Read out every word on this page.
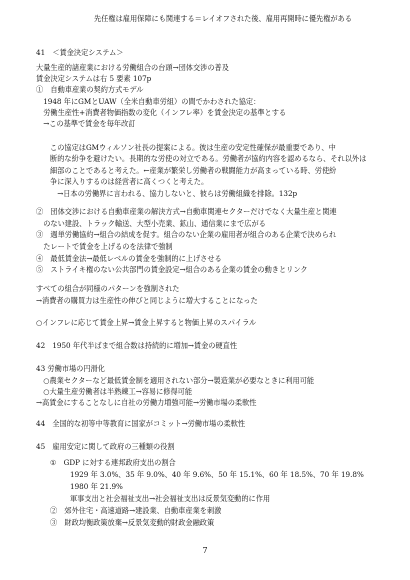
先任権は雇用保障にも関連する＝レイオフされた後、雇用再開時に優先権がある
41　＜賃金決定システム＞
大量生産的諸産業における労働組合の台頭→団体交渉の普及
賃金決定システムは右 5 要素 107p
①　自動車産業の契約方式モデル
　1948 年にGMとUAW（全米自動車労組）の間でかわされた協定：
　労働生産性+消費者物価指数の変化（インフレ率）を賃金決定の基準とする
　→この基準で賃金を毎年改訂
この協定はGMウィルソン社長の提案による。彼は生産の安定性確保が最重要であり、中
断的な紛争を避けたい。長期的な労使の対立である。労働者が協約内容を認めるなら、それ以外は
細部のことであると考えた。←産業が繁栄し労働者の戦闘能力が高まっている時、労使紛
争に深入りするのは経営者に高くつくと考えた。
　→日本の労働界に言われる、協力しないと、彼らは労働組織を排除。132p
②　団体交渉における自動車産業の解決方式→自動車関連セクターだけでなく大量生産と関連
　のない建設、トラック輸送、大型小売業、鉱山、通信業にまで広がる
③　週単労働協約→組合の結成を促す。組合のない企業の雇用者が組合のある企業で決められ
　たレートで賃金を上げるのを法律で強制
④　最低賃金法→最低レベルの賃金を強制的に上げさせる
⑤　ストライキ権のない公共部門の賃金設定→組合のある企業の賃金の動きとリンク
すべての組合が同様のパターンを強制された
→消費者の購買力は生産性の伸びと同じように増大することになった
○インフレに応じて賃金上昇→賃金上昇すると物価上昇のスパイラル
42　1950 年代半ばまで組合数は持続的に増加→賃金の硬直性
43 労働市場の円滑化
　○農業セクターなど最低賃金制を適用されない部分→製造業が必要なときに利用可能
　○大量生産労働者は半熟練工→容易に修得可能
→高賃金にすることなしに自社の労働力増強可能→労働市場の柔軟性
44　全国的な初等中等教育に国家がコミット→労働市場の柔軟性
45　雇用安定に関して政府の三種類の役割
①　GDP に対する連邦政府支出の割合
1929 年 3.0%、35 年 9.0%、40 年 9.6%、50 年 15.1%、60 年 18.5%、70 年 19.8%
1980 年 21.9%
軍事支出と社会福祉支出→社会福祉支出は反景気変動的に作用
②　郊外住宅・高速道路→建設業、自動車産業を刺激
③　財政均衡政策放棄→反景気変動的財政金融政策
7
